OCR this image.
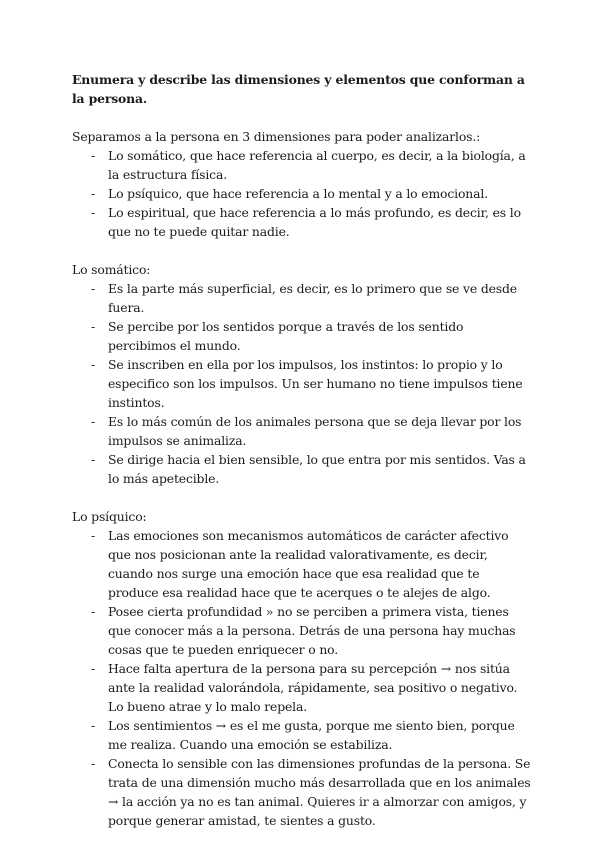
Enumera y describe las dimensiones y elementos que conforman a la persona.

Separamos a la persona en 3 dimensiones para poder analizarlos.:

- Lo somático, que hace referencia al cuerpo, es decir, a la biología, a la estructura física.
- Lo psíquico, que hace referencia a lo mental y a lo emocional.
- Lo espiritual, que hace referencia a lo más profundo, es decir, es lo que no te puede quitar nadie.

Lo somático:

- Es la parte más superficial, es decir, es lo primero que se ve desde fuera.
- Se percibe por los sentidos porque a través de los sentido percibimos el mundo.
- Se inscriben en ella por los impulsos, los instintos: lo propio y lo especifico son los impulsos. Un ser humano no tiene impulsos tiene instintos.
- Es lo más común de los animales persona que se deja llevar por los impulsos se animaliza.
- Se dirige hacia el bien sensible, lo que entra por mis sentidos. Vas a lo más apetecible.

Lo psíquico:

- Las emociones son mecanismos automáticos de carácter afectivo que nos posicionan ante la realidad valorativamente, es decir, cuando nos surge una emoción hace que esa realidad que te produce esa realidad hace que te acerques o te alejes de algo.
- Posee cierta profundidad » no se perciben a primera vista, tienes que conocer más a la persona. Detrás de una persona hay muchas cosas que te pueden enriquecer o no.
- Hace falta apertura de la persona para su percepción → nos sitúa ante la realidad valorándola, rápidamente, sea positivo o negativo. Lo bueno atrae y lo malo repela.
- Los sentimientos → es el me gusta, porque me siento bien, porque me realiza. Cuando una emoción se estabiliza.
- Conecta lo sensible con las dimensiones profundas de la persona. Se trata de una dimensión mucho más desarrollada que en los animales → la acción ya no es tan animal. Quieres ir a almorzar con amigos, y porque generar amistad, te sientes a gusto.
